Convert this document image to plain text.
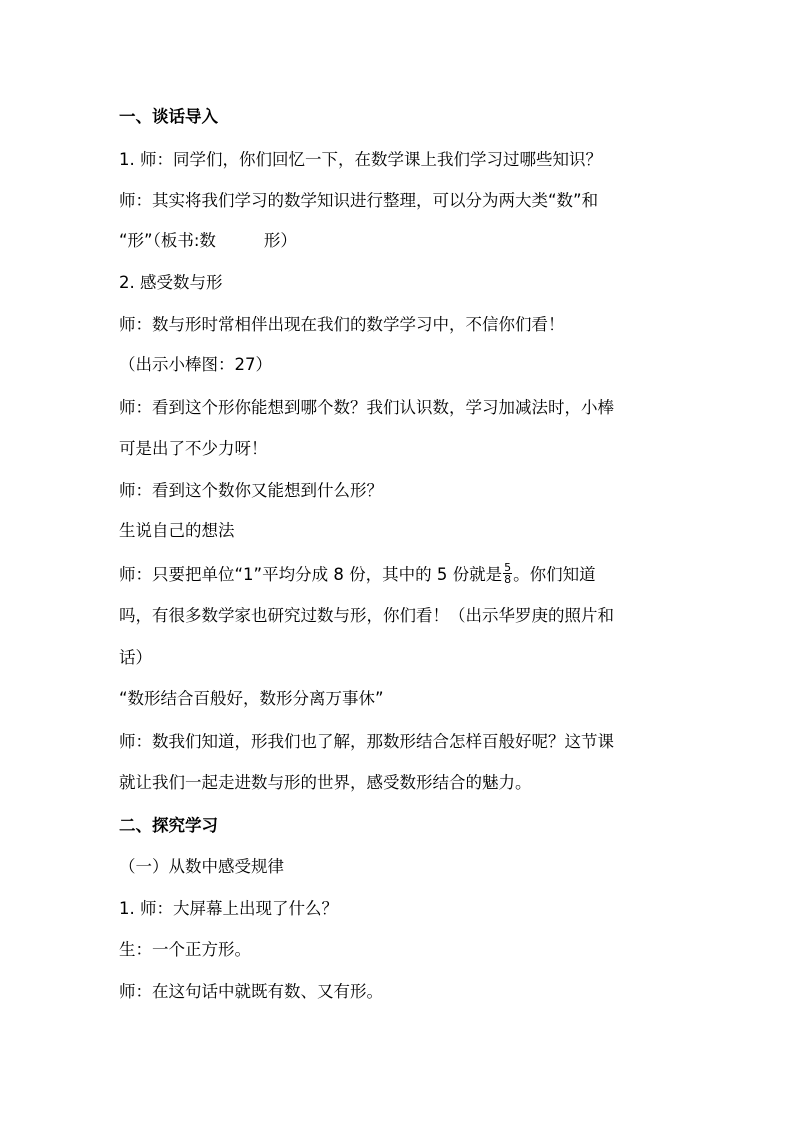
一、谈话导入
1. 师：同学们，你们回忆一下，在数学课上我们学习过哪些知识？
师：其实将我们学习的数学知识进行整理，可以分为两大类“数”和
“形”（板书:数	形）
2. 感受数与形
师：数与形时常相伴出现在我们的数学学习中，不信你们看！
（出示小棒图：27）
师：看到这个形你能想到哪个数？我们认识数，学习加减法时，小棒
可是出了不少力呀！
师：看到这个数你又能想到什么形？
生说自己的想法
师：只要把单位“1”平均分成 8 份，其中的 5 份就是 $\frac{5}{8}$ 。你们知道
吗，有很多数学家也研究过数与形，你们看！（出示华罗庚的照片和
话）
“数形结合百般好，数形分离万事休”
师：数我们知道，形我们也了解，那数形结合怎样百般好呢？这节课
就让我们一起走进数与形的世界，感受数形结合的魅力。
二、探究学习
（一）从数中感受规律
1. 师：大屏幕上出现了什么？
生：一个正方形。
师：在这句话中就既有数、又有形。
